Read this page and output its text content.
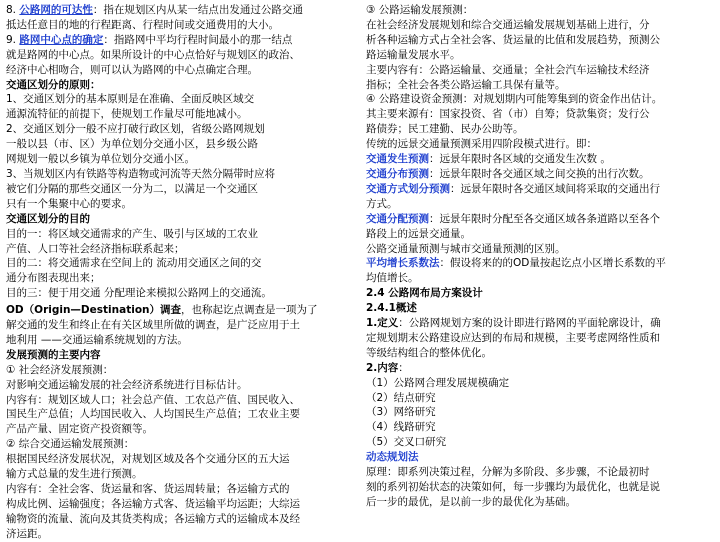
8. 公路网的可达性：指在规划区内从某一结点出发通过公路交通
抵达任意目的地的行程距离、行程时间或交通费用的大小。
9. 路网中心点的确定：指路网中平均行程时间最小的那一结点
就是路网的中心点。如果所设计的中心点恰好与规划区的政治、
经济中心相吻合，则可以认为路网的中心点确定合理。
交通区划分的原则：
1、交通区划分的基本原则是在准确、全面反映区域交
通源流特征的前提下，使规划工作量尽可能地减小。
2、交通区划分一般不应打破行政区划，省级公路网规划
一般以县（市、区）为单位划分交通小区，县乡级公路
网规划一般以乡镇为单位划分交通小区。
3、当规划区内有铁路等构造物或河流等天然分隔带时应将
被它们分隔的那些交通区一分为二，以满足一个交通区
只有一个集聚中心的要求。
交通区划分的目的
目的一：将区域交通需求的产生、吸引与区域的工农业
产值、人口等社会经济指标联系起来；
目的二：将交通需求在空间上的 流动用交通区之间的交
通分布图表现出来；
目的三：便于用交通 分配理论来模拟公路网上的交通流。
OD（Origin—Destination）调查，也称起讫点调查是一项为了
解交通的发生和终止在有关区域里所做的调查，是广泛应用于土
地利用 ——交通运输系统规划的方法。
发展预测的主要内容
① 社会经济发展预测：
对影响交通运输发展的社会经济系统进行目标估计。
内容有：规划区域人口；社会总产值、工农总产值、国民收入、
国民生产总值；人均国民收入、人均国民生产总值；工农业主要
产品产量、固定资产投资额等。
② 综合交通运输发展预测：
根据国民经济发展状况，对规划区域及各个交通分区的五大运
输方式总量的发生进行预测。
内容有：全社会客、货运量和客、货运周转量；各运输方式的
构成比例、运输强度；各运输方式客、货运输平均运距；大综运
输物资的流量、流向及其货类构成；各运输方式的运输成本及经
济运距。
③ 公路运输发展预测：
在社会经济发展规划和综合交通运输发展规划基础上进行，分
析各种运输方式占全社会客、货运量的比值和发展趋势，预测公
路运输量发展水平。
主要内容有：公路运输量、交通量；全社会汽车运输技术经济
指标；全社会各类公路运输工具保有量等。
④ 公路建设资金预测：对规划期内可能筹集到的资金作出估计。
其主要来源有：国家投资、省（市）自筹；贷款集资；发行公
路债券；民工建勤、民办公助等。
传统的远景交通量预测采用四阶段模式进行。即：
交通发生预测：远景年限时各区域的交通发生次数 。
交通分布预测：远景年限时各交通区域之间交换的出行次数。
交通方式划分预测：远景年限时各交通区域间将采取的交通出行
方式。
交通分配预测：远景年限时分配至各交通区域各条道路以至各个
路段上的远景交通量。
公路交通量预测与城市交通量预测的区别。
平均增长系数法：假设将来的的OD量按起讫点小区增长系数的平
均值增长。
2.4 公路网布局方案设计
2.4.1概述
1.定义：公路网规划方案的设计即进行路网的平面轮廓设计，确
定规划期末公路建设应达到的布局和规模，主要考虑网络性质和
等级结构组合的整体优化。
2.内容：
（1）公路网合理发展规模确定
（2）结点研究
（3）网络研究
（4）线路研究
（5）交叉口研究
动态规划法
原理：即系列决策过程，分解为多阶段、多步骤，不论最初时
刻的系列初始状态的决策如何，每一步骤均为最优化，也就是说
后一步的最优，是以前一步的最优化为基础。
